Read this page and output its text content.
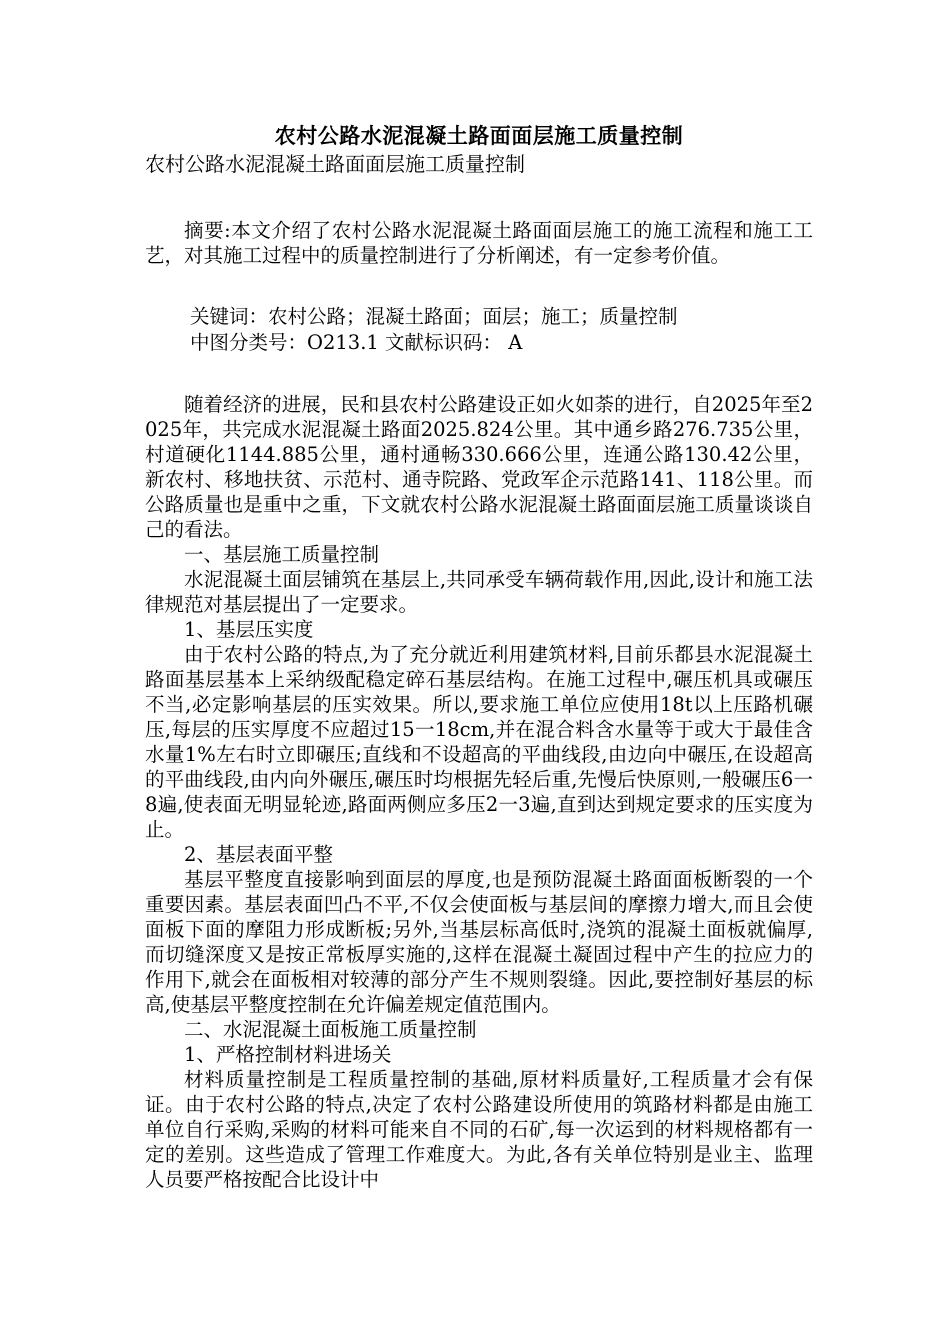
农村公路水泥混凝土路面面层施工质量控制

农村公路水泥混凝土路面面层施工质量控制

摘要:本文介绍了农村公路水泥混凝土路面面层施工的施工流程和施工工艺，对其施工过程中的质量控制进行了分析阐述，有一定参考价值。

关键词：农村公路；混凝土路面；面层；施工；质量控制

中图分类号：O213.1 文献标识码： A

随着经济的进展，民和县农村公路建设正如火如荼的进行，自2025年至2025年，共完成水泥混凝土路面2025.824公里。其中通乡路276.735公里，村道硬化1144.885公里，通村通畅330.666公里，连通公路130.42公里，新农村、移地扶贫、示范村、通寺院路、党政军企示范路141、118公里。而公路质量也是重中之重，下文就农村公路水泥混凝土路面面层施工质量谈谈自己的看法。

一、基层施工质量控制

水泥混凝土面层铺筑在基层上,共同承受车辆荷载作用,因此,设计和施工法律规范对基层提出了一定要求。

1、基层压实度

由于农村公路的特点,为了充分就近利用建筑材料,目前乐都县水泥混凝土路面基层基本上采纳级配稳定碎石基层结构。在施工过程中,碾压机具或碾压不当,必定影响基层的压实效果。所以,要求施工单位应使用18t以上压路机碾压,每层的压实厚度不应超过15一18cm,并在混合料含水量等于或大于最佳含水量1%左右时立即碾压;直线和不设超高的平曲线段,由边向中碾压,在设超高的平曲线段,由内向外碾压,碾压时均根据先轻后重,先慢后快原则,一般碾压6一8遍,使表面无明显轮迹,路面两侧应多压2一3遍,直到达到规定要求的压实度为止。

2、基层表面平整

基层平整度直接影响到面层的厚度,也是预防混凝土路面面板断裂的一个重要因素。基层表面凹凸不平,不仅会使面板与基层间的摩擦力增大,而且会使面板下面的摩阻力形成断板;另外,当基层标高低时,浇筑的混凝土面板就偏厚,而切缝深度又是按正常板厚实施的,这样在混凝土凝固过程中产生的拉应力的作用下,就会在面板相对较薄的部分产生不规则裂缝。因此,要控制好基层的标高,使基层平整度控制在允许偏差规定值范围内。

二、水泥混凝土面板施工质量控制

1、严格控制材料进场关

材料质量控制是工程质量控制的基础,原材料质量好,工程质量才会有保证。由于农村公路的特点,决定了农村公路建设所使用的筑路材料都是由施工单位自行采购,采购的材料可能来自不同的石矿,每一次运到的材料规格都有一定的差别。这些造成了管理工作难度大。为此,各有关单位特别是业主、监理人员要严格按配合比设计中
